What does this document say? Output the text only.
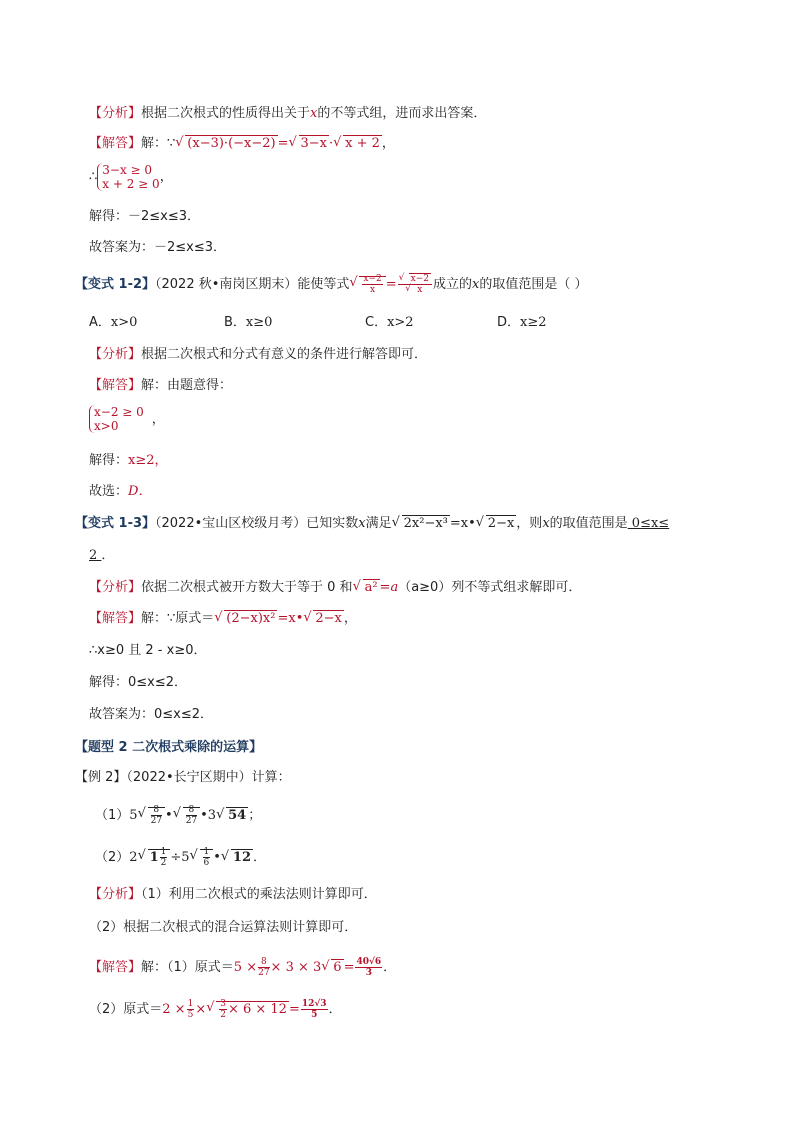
【分析】根据二次根式的性质得出关于x的不等式组，进而求出答案．
【解答】解：∵√ (x−3)·(−x−2) =√ 3−x ·√ x + 2 ，
∴ 3−x ≥ 0
x + 2 ≥ 0 ，
解得：－2≤x≤3．
故答案为：－2≤x≤3．
【变式 1-2】（2022 秋•南岗区期末）能使等式
√ $\frac{x-2}{x}$ =
√ x−2
√ x 成立的x的取值范围是（ ）
A．x>0	B．x≥0	C．x>2	D．x≥2
【分析】根据二次根式和分式有意义的条件进行解答即可．
【解答】解：由题意得：
x−2 ≥ 0
x>0	，
解得：x≥2，
故选：D．
【变式 1-3】（2022•宝山区校级月考）已知实数x满足√ 2x²−x³ =x•√ 2−x ，则x的取值范围是 0≤x≤
2 ．
【分析】依据二次根式被开方数大于等于 0 和√ a² =a（a≥0）列不等式组求解即可．
【解答】解：∵原式＝√ (2−x)x² =x•√ 2−x ，
∴x≥0 且 2 - x≥0．
解得：0≤x≤2．
故答案为：0≤x≤2．
【题型 2 二次根式乘除的运算】
【例 2】（2022•长宁区期中）计算：
（1）5
√ $\frac{8}{27}$ •
√ $\frac{8}{27}$ •3√ 54 ；
（2）2√ $1 \frac{1}{2} \div 5$
√ $\frac{1}{6}$ •√ 12 ．
【分析】（1）利用二次根式的乘法法则计算即可．
（2）根据二次根式的混合运算法则计算即可．
【解答】解：（1）原式$=5 \times \frac{8}{27} \times 3 \times 3√$ $6 = \frac{40√6}{3}$ ．
（2）原式$=2 \times \frac{1}{5}$ ×
√ $\frac{3}{2} \times 6 \times 12 = \frac{12√3}{5}$ ．
